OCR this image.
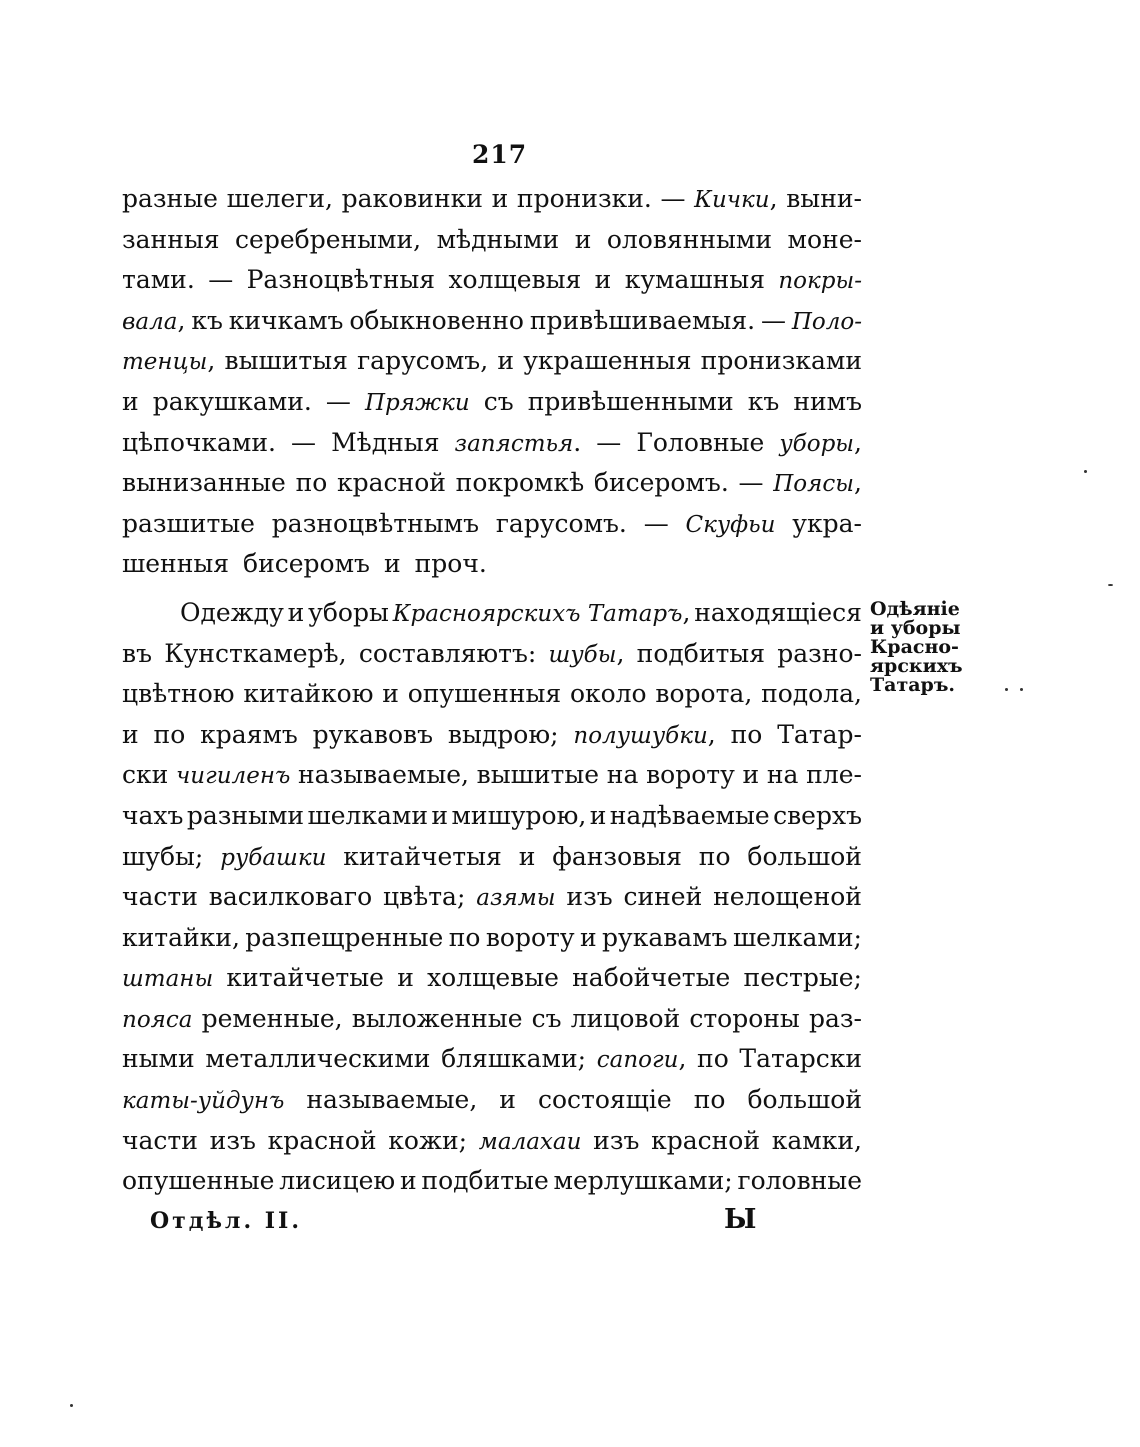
217
разные шелеги, раковинки и пронизки. — Кички, выни-
занныя серебреными, мѣдными и оловянными моне-
тами. — Разноцвѣтныя холщевыя и кумашныя покры-
вала, къ кичкамъ обыкновенно привѣшиваемыя. — Поло-
тенцы, вышитыя гарусомъ, и украшенныя пронизками
и ракушками. — Пряжки съ привѣшенными къ нимъ
цѣпочками. — Мѣдныя запястья. — Головные уборы,
вынизанные по красной покромкѣ бисеромъ. — Поясы,
разшитые разноцвѣтнымъ гарусомъ. — Скуфьи укра-
шенныя бисеромъ и проч.
Одежду и уборы Красноярскихъ Татаръ, находящіеся
въ Кунсткамерѣ, составляютъ: шубы, подбитыя разно-
цвѣтною китайкою и опушенныя около ворота, подола,
и по краямъ рукавовъ выдрою; полушубки, по Татар-
ски чигиленъ называемые, вышитые на вороту и на пле-
чахъ разными шелками и мишурою, и надѣваемые сверхъ
шубы; рубашки китайчетыя и фанзовыя по большой
части василковаго цвѣта; азямы изъ синей нелощеной
китайки, разпещренные по вороту и рукавамъ шелками;
штаны китайчетые и холщевые набойчетые пестрые;
пояса ременные, выложенные съ лицовой стороны раз-
ными металлическими бляшками; сапоги, по Татарски
каты-уйдунъ называемые, и состоящіе по большой
части изъ красной кожи; малахаи изъ красной камки,
опушенные лисицею и подбитые мерлушками; головные
Одѣяніе
и уборы
Красно-
ярскихъ
Татаръ.
Отдѣл. II.	Ы
